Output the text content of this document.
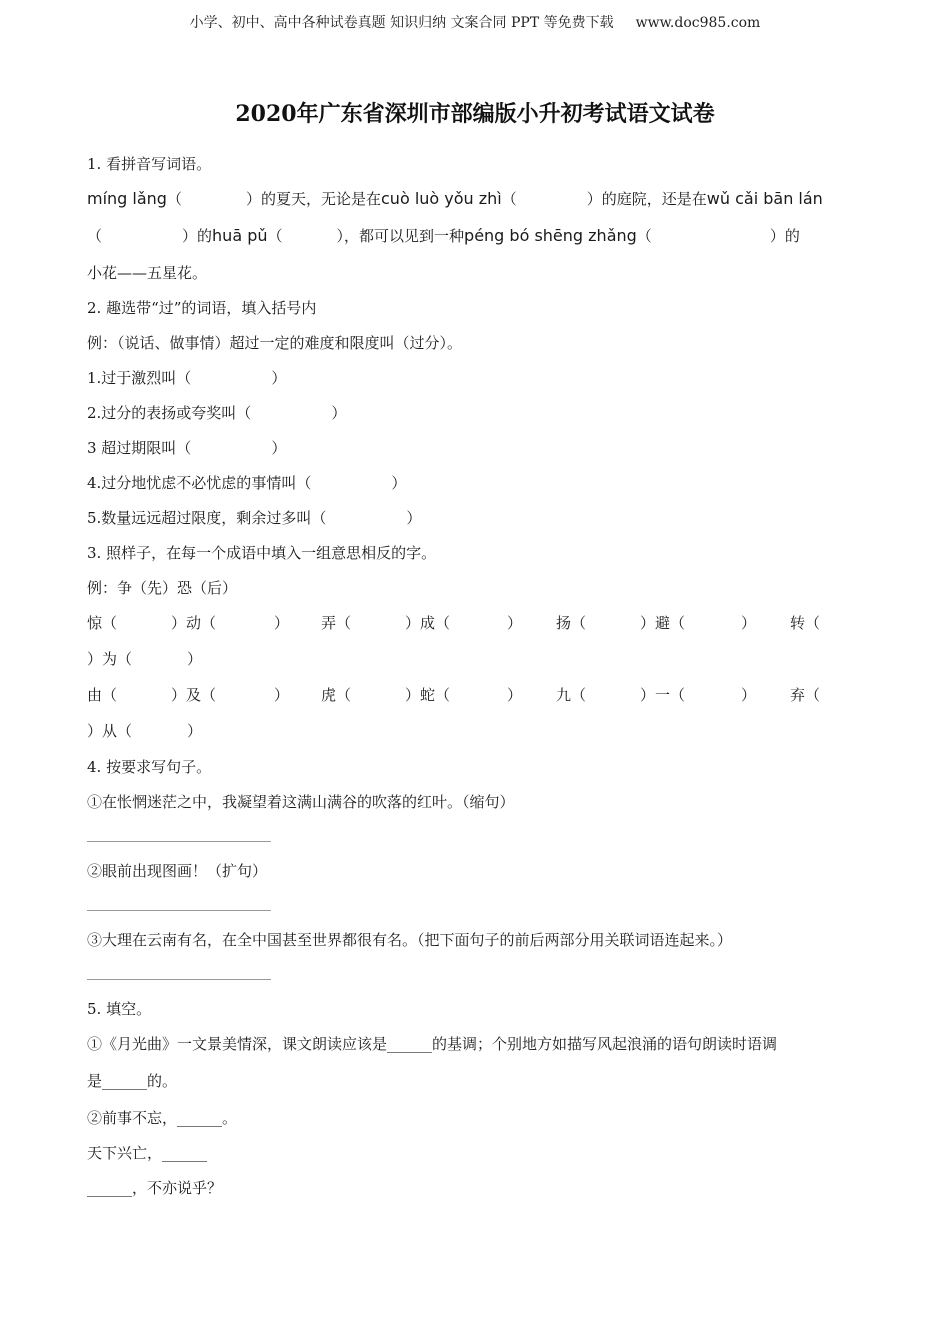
小学、初中、高中各种试卷真题 知识归纳 文案合同 PPT 等免费下载 www.doc985.com
2020年广东省深圳市部编版小升初考试语文试卷
1. 看拼音写词语。
míng lǎng（	）的夏天，无论是在cuò luò yǒu zhì（	）的庭院，还是在wǔ cǎi bān lán
（	）的huā pǔ（	），都可以见到一种péng bó shēng zhǎng（	）的
小花——五星花。
2. 趣选带“过”的词语，填入括号内
例：（说话、做事情）超过一定的难度和限度叫（过分）。
1.过于激烈叫（	）
2.过分的表扬或夸奖叫（	）
3 超过期限叫（	）
4.过分地忧虑不必忧虑的事情叫（	）
5.数量远远超过限度，剩余过多叫（	）
3. 照样子，在每一个成语中填入一组意思相反的字。
例：争（先）恐（后）
惊（	）动（	） 弄（	）成（	） 扬（	）避（	） 转（
）为（	）
由（	）及（	） 虎（	）蛇（	） 九（	）一（	） 弃（
）从（	）
4. 按要求写句子。
①在怅惘迷茫之中，我凝望着这满山满谷的吹落的红叶。（缩句）
②眼前出现图画！（扩句）
③大理在云南有名，在全中国甚至世界都很有名。（把下面句子的前后两部分用关联词语连起来。）
5. 填空。
①《月光曲》一文景美情深，课文朗读应该是______的基调；个别地方如描写风起浪涌的语句朗读时语调
是______的。
②前事不忘，______。
天下兴亡，______
______，不亦说乎？
